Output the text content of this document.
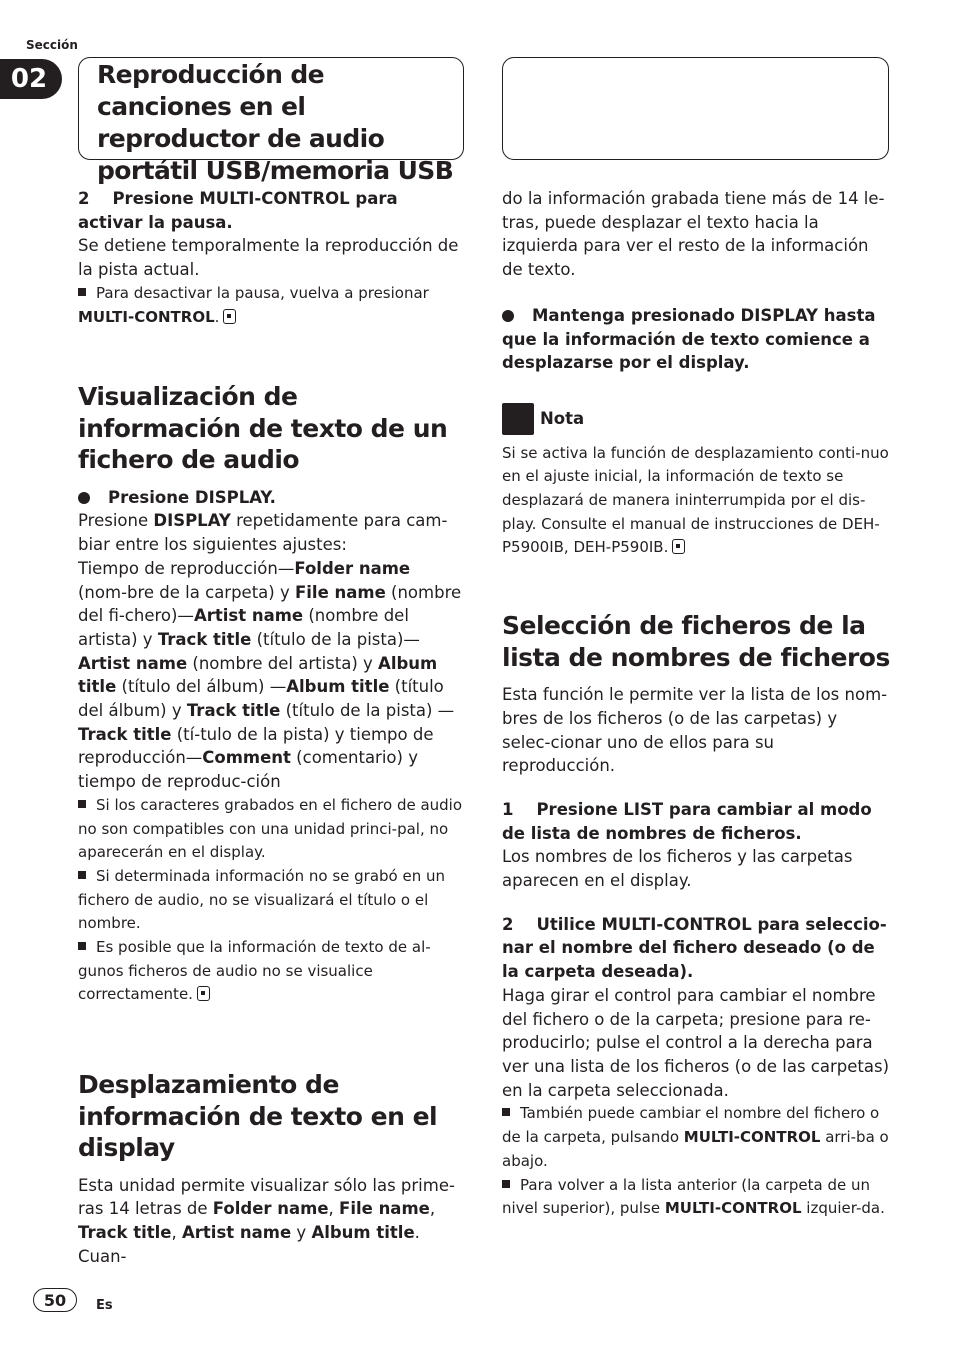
Sección
02	Reproducción de canciones en el reproductor de audio portátil USB/memoria USB

2 Presione MULTI-CONTROL para activar la pausa.

Se detiene temporalmente la reproducción de la pista actual.

Para desactivar la pausa, vuelva a presionar
MULTI-CONTROL.

Visualización de información de texto de un fichero de audio

Presione DISPLAY.

Presione DISPLAY repetidamente para cam-biar entre los siguientes ajustes:

Tiempo de reproducción—Folder name (nom-bre de la carpeta) y File name (nombre del fi-chero)—Artist name (nombre del artista) y Track title (título de la pista)—Artist name (nombre del artista) y Album title (título del álbum) —Album title (título del álbum) y Track title (título de la pista) —Track title (tí-tulo de la pista) y tiempo de reproducción—Comment (comentario) y tiempo de reproduc-ción

Si los caracteres grabados en el fichero de audio no son compatibles con una unidad princi-pal, no aparecerán en el display.

Si determinada información no se grabó en un fichero de audio, no se visualizará el título o el nombre.

Es posible que la información de texto de al-gunos ficheros de audio no se visualice correctamente.

Desplazamiento de información de texto en el display

Esta unidad permite visualizar sólo las prime-ras 14 letras de Folder name, File name, Track title, Artist name y Album title. Cuan-

do la información grabada tiene más de 14 le-tras, puede desplazar el texto hacia la izquierda para ver el resto de la información de texto.

Mantenga presionado DISPLAY hasta que la información de texto comience a desplazarse por el display.

Nota

Si se activa la función de desplazamiento conti-nuo en el ajuste inicial, la información de texto se desplazará de manera ininterrumpida por el dis-play. Consulte el manual de instrucciones de DEH-P5900IB, DEH-P590IB.

Selección de ficheros de la lista de nombres de ficheros

Esta función le permite ver la lista de los nom-bres de los ficheros (o de las carpetas) y selec-cionar uno de ellos para su reproducción.

1 Presione LIST para cambiar al modo de lista de nombres de ficheros.

Los nombres de los ficheros y las carpetas aparecen en el display.

2 Utilice MULTI-CONTROL para seleccio-nar el nombre del fichero deseado (o de la carpeta deseada).

Haga girar el control para cambiar el nombre del fichero o de la carpeta; presione para re-producirlo; pulse el control a la derecha para ver una lista de los ficheros (o de las carpetas) en la carpeta seleccionada.

También puede cambiar el nombre del fichero o de la carpeta, pulsando MULTI-CONTROL arri-ba o abajo.

Para volver a la lista anterior (la carpeta de un nivel superior), pulse MULTI-CONTROL izquier-da.

50	Es
